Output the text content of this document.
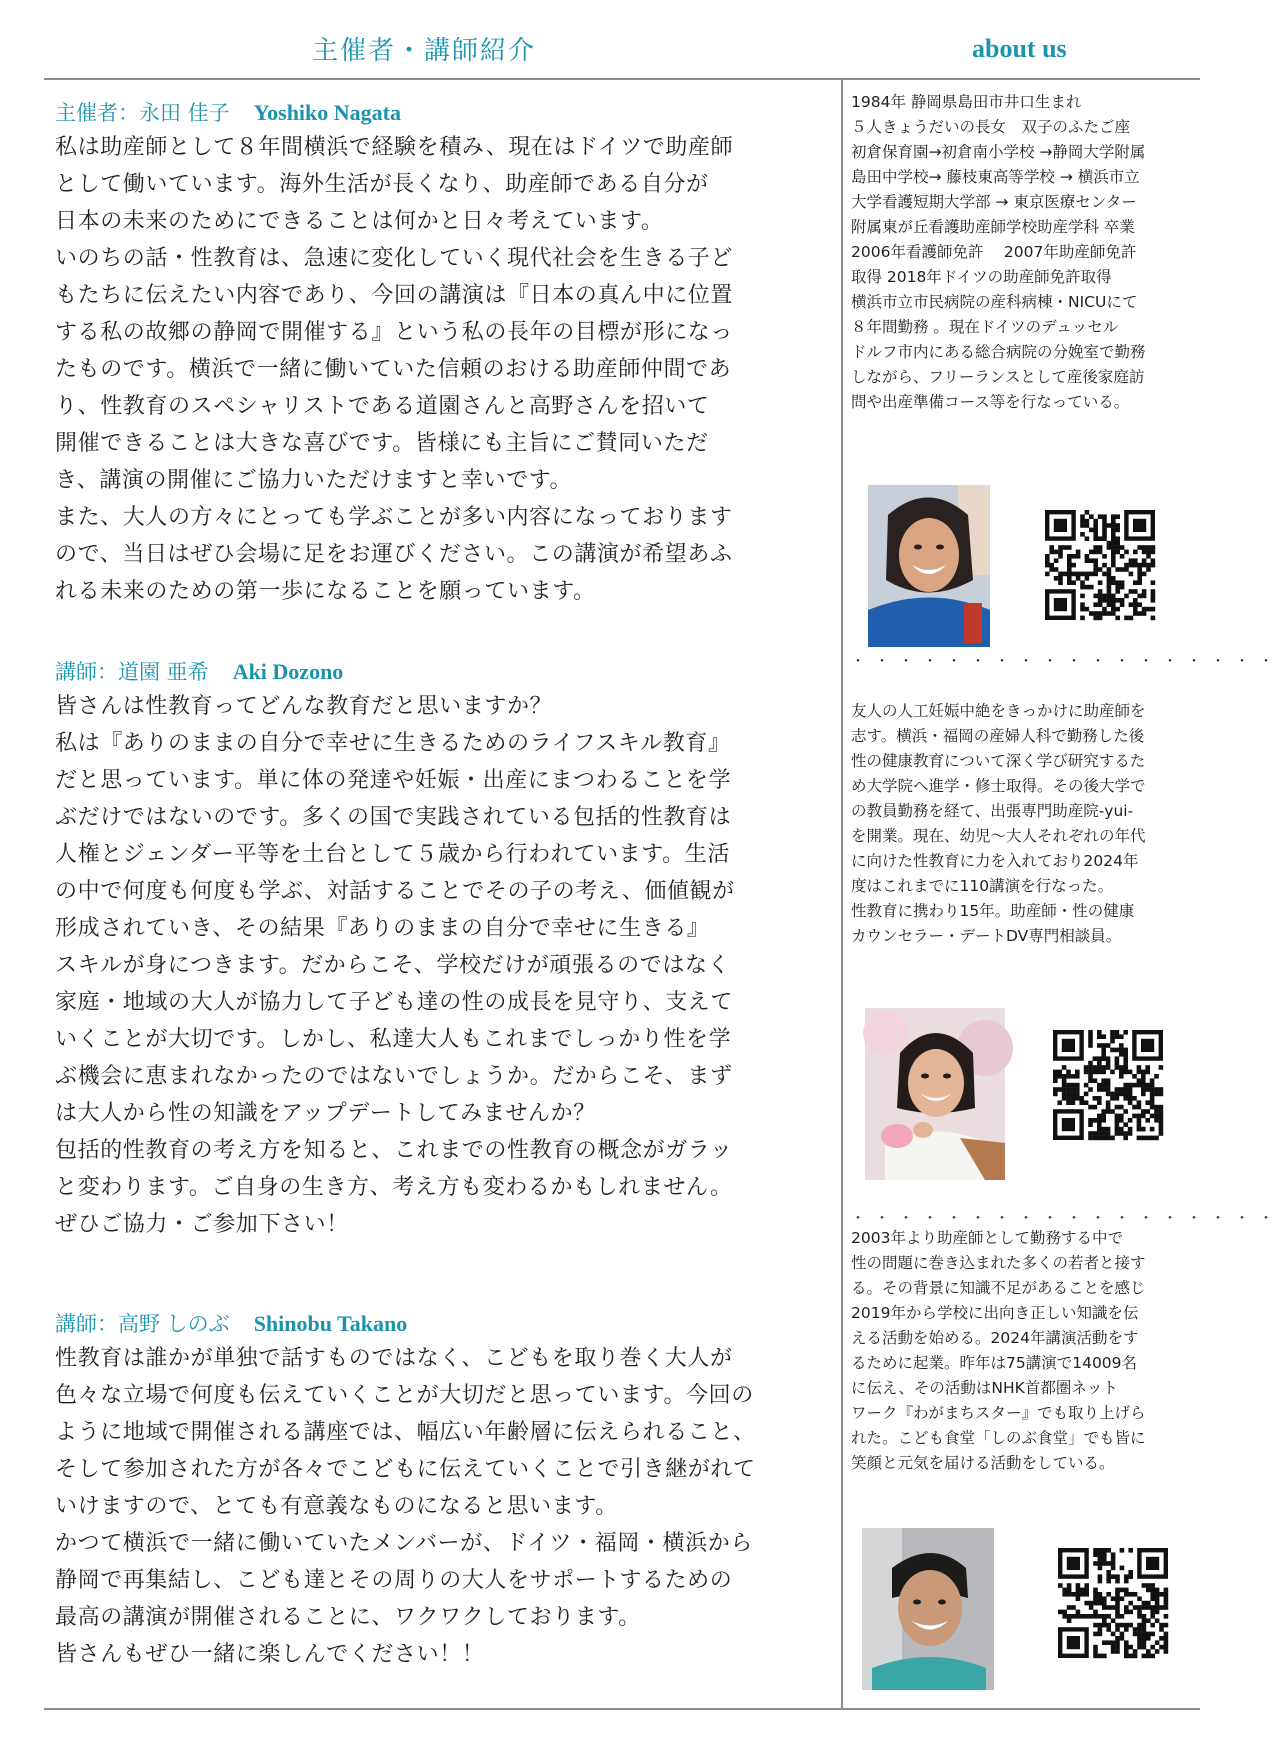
主催者・講師紹介	about us
主催者：永田 佳子 Yoshiko Nagata
私は助産師として８年間横浜で経験を積み、現在はドイツで助産師
として働いています。海外生活が長くなり、助産師である自分が
日本の未来のためにできることは何かと日々考えています。
いのちの話・性教育は、急速に変化していく現代社会を生きる子ど
もたちに伝えたい内容であり、今回の講演は『日本の真ん中に位置
する私の故郷の静岡で開催する』という私の長年の目標が形になっ
たものです。横浜で一緒に働いていた信頼のおける助産師仲間であ
り、性教育のスペシャリストである道園さんと高野さんを招いて
開催できることは大きな喜びです。皆様にも主旨にご賛同いただ
き、講演の開催にご協力いただけますと幸いです。
また、大人の方々にとっても学ぶことが多い内容になっております
ので、当日はぜひ会場に足をお運びください。この講演が希望あふ
れる未来のための第一歩になることを願っています。
講師：道園 亜希 Aki Dozono
皆さんは性教育ってどんな教育だと思いますか？
私は『ありのままの自分で幸せに生きるためのライフスキル教育』
だと思っています。単に体の発達や妊娠・出産にまつわることを学
ぶだけではないのです。多くの国で実践されている包括的性教育は
人権とジェンダー平等を土台として５歳から行われています。生活
の中で何度も何度も学ぶ、対話することでその子の考え、価値観が
形成されていき、その結果『ありのままの自分で幸せに生きる』
スキルが身につきます。だからこそ、学校だけが頑張るのではなく
家庭・地域の大人が協力して子ども達の性の成長を見守り、支えて
いくことが大切です。しかし、私達大人もこれまでしっかり性を学
ぶ機会に恵まれなかったのではないでしょうか。だからこそ、まず
は大人から性の知識をアップデートしてみませんか？
包括的性教育の考え方を知ると、これまでの性教育の概念がガラッ
と変わります。ご自身の生き方、考え方も変わるかもしれません。
ぜひご協力・ご参加下さい！
講師：高野 しのぶ Shinobu Takano
性教育は誰かが単独で話すものではなく、こどもを取り巻く大人が
色々な立場で何度も伝えていくことが大切だと思っています。今回の
ように地域で開催される講座では、幅広い年齢層に伝えられること、
そして参加された方が各々でこどもに伝えていくことで引き継がれて
いけますので、とても有意義なものになると思います。
かつて横浜で一緒に働いていたメンバーが、ドイツ・福岡・横浜から
静岡で再集結し、こども達とその周りの大人をサポートするための
最高の講演が開催されることに、ワクワクしております。
皆さんもぜひ一緒に楽しんでください！！
1984年 静岡県島田市井口生まれ
５人きょうだいの長女　双子のふたご座
初倉保育園→初倉南小学校 →静岡大学附属
島田中学校→ 藤枝東高等学校 → 横浜市立
大学看護短期大学部 → 東京医療センター
附属東が丘看護助産師学校助産学科 卒業
2006年看護師免許　 2007年助産師免許
取得 2018年ドイツの助産師免許取得
横浜市立市民病院の産科病棟・NICUにて
８年間勤務 。現在ドイツのデュッセル
ドルフ市内にある総合病院の分娩室で勤務
しながら、フリーランスとして産後家庭訪
問や出産準備コース等を行なっている。
・・・・・・・・・・・・・・・・・・
友人の人工妊娠中絶をきっかけに助産師を
志す。横浜・福岡の産婦人科で勤務した後
性の健康教育について深く学び研究するた
め大学院へ進学・修士取得。その後大学で
の教員勤務を経て、出張専門助産院-yui-
を開業。現在、幼児〜大人それぞれの年代
に向けた性教育に力を入れており2024年
度はこれまでに110講演を行なった。
性教育に携わり15年。助産師・性の健康
カウンセラー・デートDV専門相談員。
・・・・・・・・・・・・・・・・・・
2003年より助産師として勤務する中で
性の問題に巻き込まれた多くの若者と接す
る。その背景に知識不足があることを感じ
2019年から学校に出向き正しい知識を伝
える活動を始める。2024年講演活動をす
るために起業。昨年は75講演で14009名
に伝え、その活動はNHK首都圏ネット
ワーク『わがまちスター』でも取り上げら
れた。こども食堂「しのぶ食堂」でも皆に
笑顔と元気を届ける活動をしている。
